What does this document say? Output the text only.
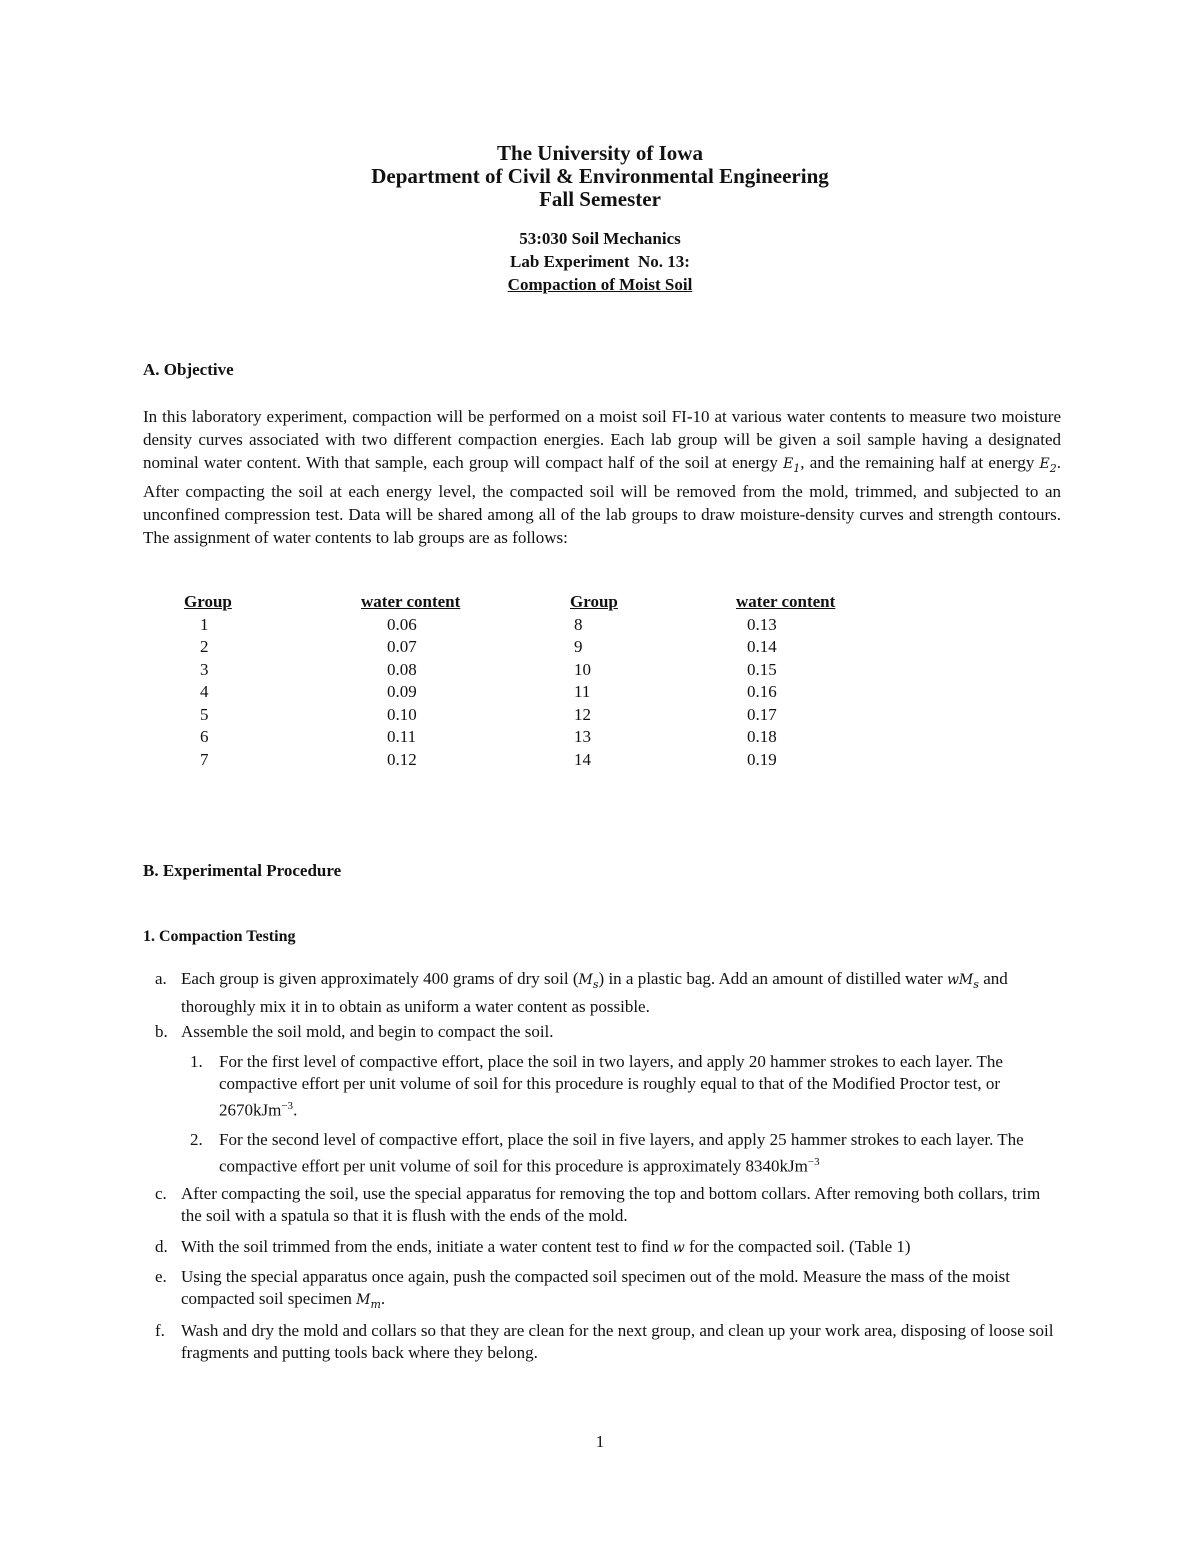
The University of Iowa
Department of Civil & Environmental Engineering
Fall Semester
53:030 Soil Mechanics
Lab Experiment  No. 13:
Compaction of Moist Soil
A. Objective
In this laboratory experiment, compaction will be performed on a moist soil FI-10 at various water contents to measure two moisture density curves associated with two different compaction energies. Each lab group will be given a soil sample having a designated nominal water content. With that sample, each group will compact half of the soil at energy $E_1$, and the remaining half at energy $E_2$. After compacting the soil at each energy level, the compacted soil will be removed from the mold, trimmed, and subjected to an unconfined compression test. Data will be shared among all of the lab groups to draw moisture-density curves and strength contours. The assignment of water contents to lab groups are as follows:
Group	water content	Group	water content
1	0.06	8	0.13
2	0.07	9	0.14
3	0.08	10	0.15
4	0.09	11	0.16
5	0.10	12	0.17
6	0.11	13	0.18
7	0.12	14	0.19
B. Experimental Procedure
1. Compaction Testing
a. Each group is given approximately 400 grams of dry soil $(M_s)$ in a plastic bag. Add an amount of distilled water $wM_s$ and thoroughly mix it in to obtain as uniform a water content as possible.
b. Assemble the soil mold, and begin to compact the soil.
1. For the first level of compactive effort, place the soil in two layers, and apply 20 hammer strokes to each layer. The compactive effort per unit volume of soil for this procedure is roughly equal to that of the Modified Proctor test, or 2670kJm$^{-3}$.
2. For the second level of compactive effort, place the soil in five layers, and apply 25 hammer strokes to each layer. The compactive effort per unit volume of soil for this procedure is approximately 8340kJm$^{-3}$
c. After compacting the soil, use the special apparatus for removing the top and bottom collars. After removing both collars, trim the soil with a spatula so that it is flush with the ends of the mold.
d. With the soil trimmed from the ends, initiate a water content test to find w for the compacted soil. (Table 1)
e. Using the special apparatus once again, push the compacted soil specimen out of the mold. Measure the mass of the moist compacted soil specimen $M_m$.
f. Wash and dry the mold and collars so that they are clean for the next group, and clean up your work area, disposing of loose soil fragments and putting tools back where they belong.
1
